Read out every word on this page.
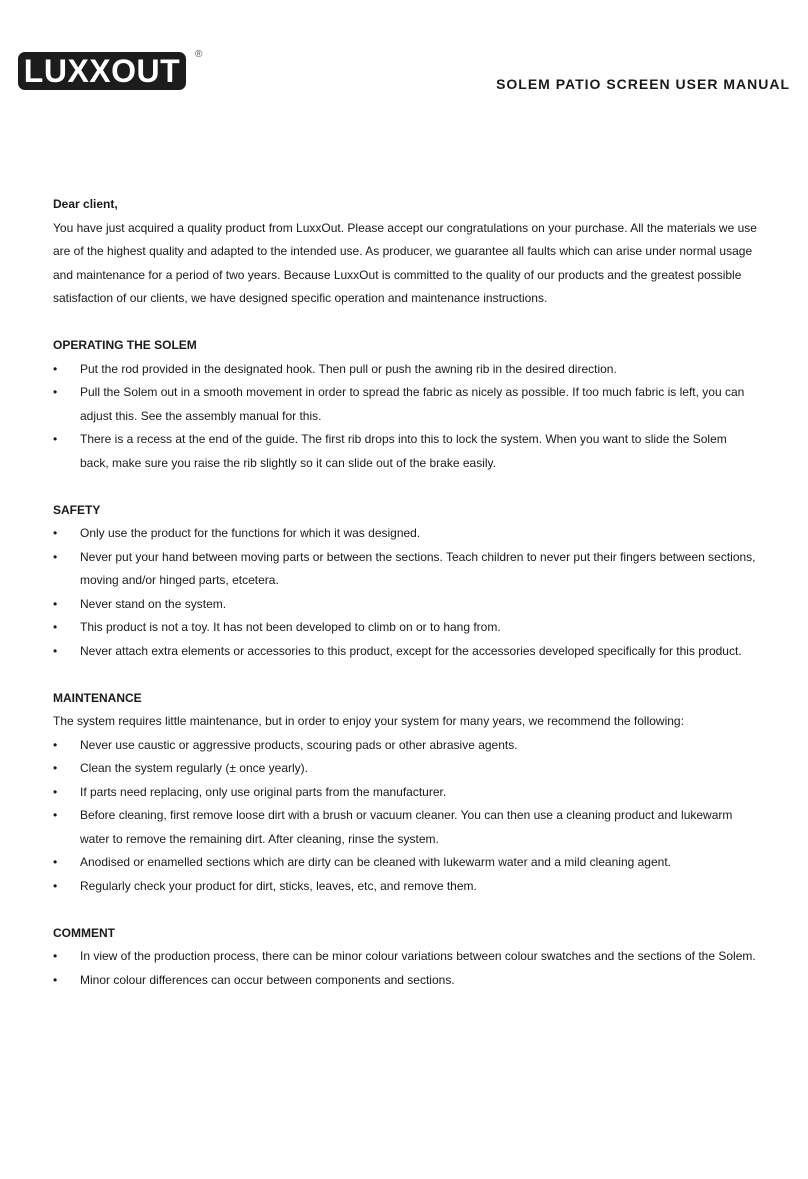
LUXXOUT ®
SOLEM PATIO SCREEN USER MANUAL

Dear client,

You have just acquired a quality product from LuxxOut. Please accept our congratulations on your purchase. All the materials we use are of the highest quality and adapted to the intended use. As producer, we guarantee all faults which can arise under normal usage and maintenance for a period of two years. Because LuxxOut is committed to the quality of our products and the greatest possible satisfaction of our clients, we have designed specific operation and maintenance instructions.

OPERATING THE SOLEM

• Put the rod provided in the designated hook. Then pull or push the awning rib in the desired direction.
• Pull the Solem out in a smooth movement in order to spread the fabric as nicely as possible. If too much fabric is left, you can adjust this. See the assembly manual for this.
• There is a recess at the end of the guide. The first rib drops into this to lock the system. When you want to slide the Solem back, make sure you raise the rib slightly so it can slide out of the brake easily.

SAFETY

• Only use the product for the functions for which it was designed.
• Never put your hand between moving parts or between the sections. Teach children to never put their fingers between sections, moving and/or hinged parts, etcetera.
• Never stand on the system.
• This product is not a toy. It has not been developed to climb on or to hang from.
• Never attach extra elements or accessories to this product, except for the accessories developed specifically for this product.

MAINTENANCE

The system requires little maintenance, but in order to enjoy your system for many years, we recommend the following:

• Never use caustic or aggressive products, scouring pads or other abrasive agents.
• Clean the system regularly (± once yearly).
• If parts need replacing, only use original parts from the manufacturer.
• Before cleaning, first remove loose dirt with a brush or vacuum cleaner. You can then use a cleaning product and lukewarm water to remove the remaining dirt. After cleaning, rinse the system.
• Anodised or enamelled sections which are dirty can be cleaned with lukewarm water and a mild cleaning agent.
• Regularly check your product for dirt, sticks, leaves, etc, and remove them.

COMMENT

• In view of the production process, there can be minor colour variations between colour swatches and the sections of the Solem.
• Minor colour differences can occur between components and sections.
